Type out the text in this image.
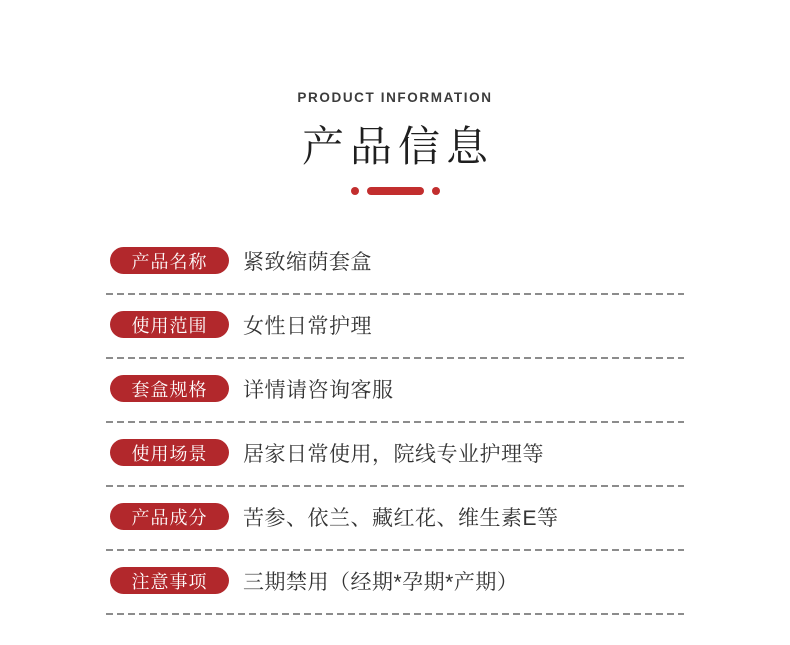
PRODUCT INFORMATION
产品信息
产品名称	紧致缩荫套盒
使用范围	女性日常护理
套盒规格	详情请咨询客服
使用场景	居家日常使用，院线专业护理等
产品成分	苦参、依兰、藏红花、维生素E等
注意事项	三期禁用（经期*孕期*产期）
